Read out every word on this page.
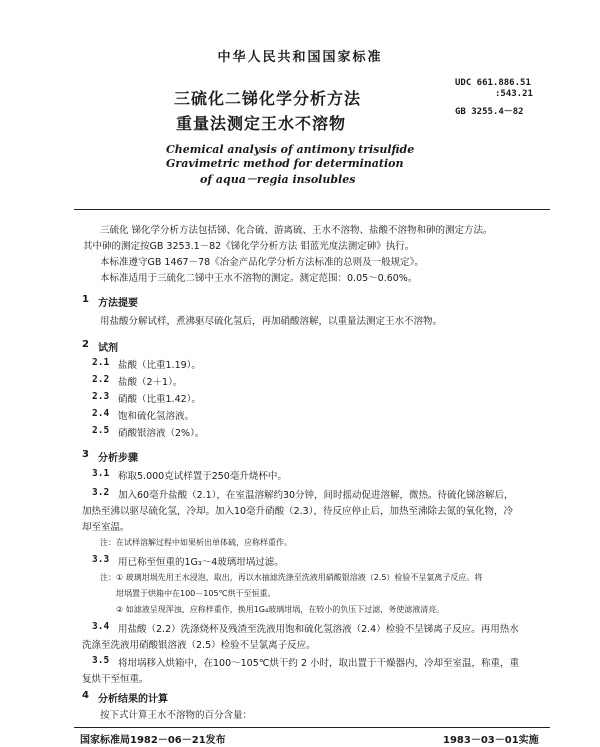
中华人民共和国国家标准
三硫化二锑化学分析方法
重量法测定王水不溶物
UDC 661.886.51
:543.21
GB 3255.4－82
Chemical analysis of antimony trisulfide
Gravimetric method for determination
of aqua－regia insolubles
三硫化 锑化学分析方法包括锑、化合硫、游离硫、王水不溶物、盐酸不溶物和砷的测定方法。
其中砷的测定按GB 3253.1－82《锑化学分析方法 钼蓝光度法测定砷》执行。
本标准遵守GB 1467－78《冶金产品化学分析方法标准的总则及一般规定》。
本标准适用于三硫化二锑中王水不溶物的测定。测定范围：0.05～0.60%。
1 方法提要
用盐酸分解试样，煮沸驱尽硫化氢后，再加硝酸溶解，以重量法测定王水不溶物。
2 试剂
2.1 盐酸（比重1.19）。
2.2 盐酸（2＋1）。
2.3 硝酸（比重1.42）。
2.4 饱和硫化氢溶液。
2.5 硝酸银溶液（2%）。
3 分析步骤
3.1 称取5.000克试样置于250毫升烧杯中。
3.2 加入60毫升盐酸（2.1），在室温溶解约30分钟，间时摇动促进溶解，微热。待硫化锑溶解后，
加热至沸以驱尽硫化氢，冷却。加入10毫升硝酸（2.3），待反应停止后，加热至沸除去氮的氧化物，冷
却至室温。
注：在试样溶解过程中如果析出单体硫，应称样重作。
3.3 用已称至恒重的1G₃～4玻璃坩埚过滤。
注：① 玻璃坩埚先用王水浸泡，取出，再以水抽滤洗涤至洗液用硝酸银溶液（2.5）检验不呈氯离子反应。将
坩埚置于烘箱中在100－105℃烘干至恒重。
② 如滤液呈现浑浊，应称样重作，换用1G₄玻璃坩埚，在较小的负压下过滤，务使滤液清亮。
3.4 用盐酸（2.2）洗涤烧杯及残渣至洗液用饱和硫化氢溶液（2.4）检验不呈锑离子反应。再用热水
洗涤至洗液用硝酸银溶液（2.5）检验不呈氯离子反应。
3.5 将坩埚移入烘箱中，在100～105℃烘干约 2 小时，取出置于干燥器内，冷却至室温，称重，重
复烘干至恒重。
4 分析结果的计算
按下式计算王水不溶物的百分含量：
国家标准局1982－06－21发布	1983－03－01实施
